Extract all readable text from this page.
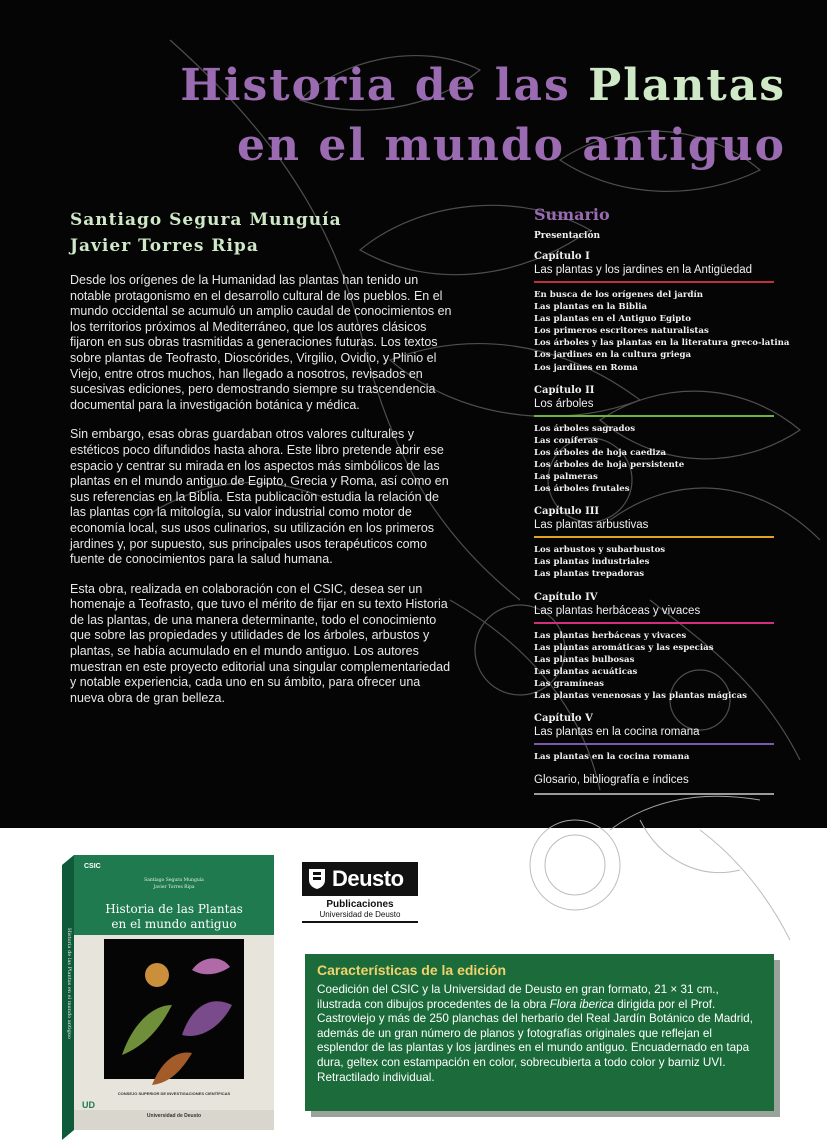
Historia de las Plantas
en el mundo antiguo
Santiago Segura Munguía
Javier Torres Ripa

Desde los orígenes de la Humanidad las plantas han tenido un notable protagonismo en el desarrollo cultural de los pueblos. En el mundo occidental se acumuló un amplio caudal de conocimientos en los territorios próximos al Mediterráneo, que los autores clásicos fijaron en sus obras trasmitidas a generaciones futuras. Los textos sobre plantas de Teofrasto, Dioscórides, Virgilio, Ovidio, y Plinio el Viejo, entre otros muchos, han llegado a nosotros, revisados en sucesivas ediciones, pero demostrando siempre su trascendencia documental para la investigación botánica y médica.

Sin embargo, esas obras guardaban otros valores culturales y estéticos poco difundidos hasta ahora. Este libro pretende abrir ese espacio y centrar su mirada en los aspectos más simbólicos de las plantas en el mundo antiguo de Egipto, Grecia y Roma, así como en sus referencias en la Biblia. Esta publicación estudia la relación de las plantas con la mitología, su valor industrial como motor de economía local, sus usos culinarios, su utilización en los primeros jardines y, por supuesto, sus principales usos terapéuticos como fuente de conocimientos para la salud humana.

Esta obra, realizada en colaboración con el CSIC, desea ser un homenaje a Teofrasto, que tuvo el mérito de fijar en su texto Historia de las plantas, de una manera determinante, todo el conocimiento que sobre las propiedades y utilidades de los árboles, arbustos y plantas, se había acumulado en el mundo antiguo. Los autores muestran en este proyecto editorial una singular complementariedad y notable experiencia, cada uno en su ámbito, para ofrecer una nueva obra de gran belleza.

Sumario
Presentación
Capítulo I
Las plantas y los jardines en la Antigüedad
En busca de los orígenes del jardín
Las plantas en la Biblia
Las plantas en el Antiguo Egipto
Los primeros escritores naturalistas
Los árboles y las plantas en la literatura greco-latina
Los jardines en la cultura griega
Los jardines en Roma
Capítulo II
Los árboles
Los árboles sagrados
Las coníferas
Los árboles de hoja caediza
Los árboles de hoja persistente
Las palmeras
Los árboles frutales
Capítulo III
Las plantas arbustivas
Los arbustos y subarbustos
Las plantas industriales
Las plantas trepadoras
Capítulo IV
Las plantas herbáceas y vivaces
Las plantas herbáceas y vivaces
Las plantas aromáticas y las especias
Las plantas bulbosas
Las plantas acuáticas
Las gramíneas
Las plantas venenosas y las plantas mágicas
Capítulo V
Las plantas en la cocina romana
Las plantas en la cocina romana
Glosario, bibliografía e índices
CSIC
Santiago Segura Munguía
Javier Torres Ripa
Historia de las Plantas
en el mundo antiguo
Historia de las Plantas en el mundo antiguo
CONSEJO SUPERIOR DE INVESTIGACIONES CIENTÍFICAS
Universidad de Deusto
UD
Deusto
Publicaciones
Universidad de Deusto
Características de la edición

Coedición del CSIC y la Universidad de Deusto en gran formato, 21 × 31 cm., ilustrada con dibujos procedentes de la obra Flora iberica dirigida por el Prof. Castroviejo y más de 250 planchas del herbario del Real Jardín Botánico de Madrid, además de un gran número de planos y fotografías originales que reflejan el esplendor de las plantas y los jardines en el mundo antiguo. Encuadernado en tapa dura, geltex con estampación en color, sobrecubierta a todo color y barniz UVI. Retractilado individual.
